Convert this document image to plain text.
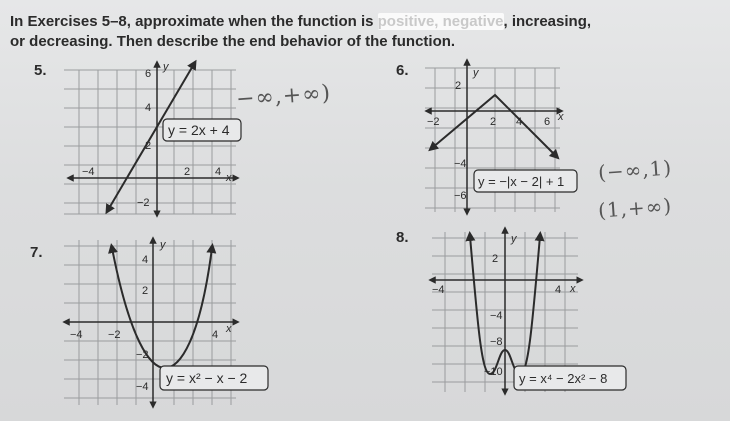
In Exercises 5–8, approximate when the function is positive, negative, increasing,
or decreasing. Then describe the end behavior of the function.
5.	6.
7.
8.
y = 2x + 4
−4	2 4
6
4
2
−2
x
y
y = −|x − 2| + 1
−2	2 4 6
2
−4
−6
x
y
y = x² − x − 2
−4 −2	4
4
2
−2
−4
x
y
y = x⁴ − 2x² − 8
−4	4
2
−4
−8
−10
x
y
−∞,+∞)
(−∞,1)
(1,+∞)
